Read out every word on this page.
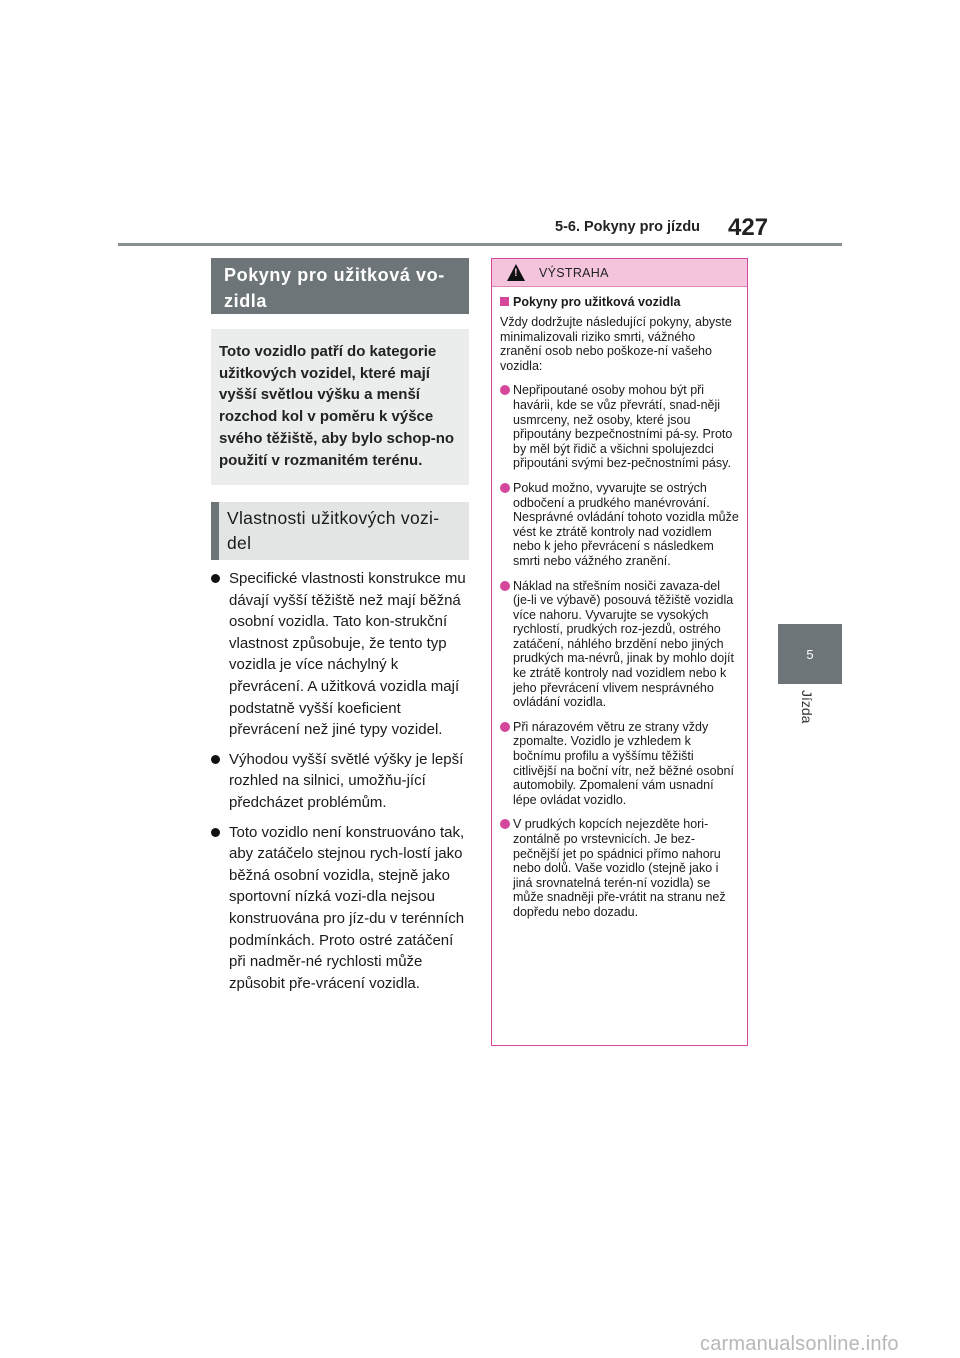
5-6. Pokyny pro jízdu 427
5
Jízda
Pokyny pro užitková vo-zidla
Toto vozidlo patří do kategorie užitkových vozidel, které mají vyšší světlou výšku a menší rozchod kol v poměru k výšce svého těžiště, aby bylo schop-no použití v rozmanitém terénu.
Vlastnosti užitkových vozi-del
Specifické vlastnosti konstrukce mu dávají vyšší těžiště než mají běžná osobní vozidla. Tato kon-strukční vlastnost způsobuje, že tento typ vozidla je více náchylný k převrácení. A užitková vozidla mají podstatně vyšší koeficient převrácení než jiné typy vozidel.
Výhodou vyšší světlé výšky je lepší rozhled na silnici, umožňu-jící předcházet problémům.
Toto vozidlo není konstruováno tak, aby zatáčelo stejnou rych-lostí jako běžná osobní vozidla, stejně jako sportovní nízká vozi-dla nejsou konstruována pro jíz-du v terénních podmínkách. Proto ostré zatáčení při nadměr-né rychlosti může způsobit pře-vrácení vozidla.
! VÝSTRAHA
Pokyny pro užitková vozidla
Vždy dodržujte následující pokyny, abyste minimalizovali riziko smrti, vážného zranění osob nebo poškoze-ní vašeho vozidla:
Nepřipoutané osoby mohou být při havárii, kde se vůz převrátí, snad-něji usmrceny, než osoby, které jsou připoutány bezpečnostními pá-sy. Proto by měl být řidič a všichni spolujezdci připoutáni svými bez-pečnostními pásy.
Pokud možno, vyvarujte se ostrých odbočení a prudkého manévrování. Nesprávné ovládání tohoto vozidla může vést ke ztrátě kontroly nad vozidlem nebo k jeho převrácení s následkem smrti nebo vážného zranění.
Náklad na střešním nosiči zavaza-del (je-li ve výbavě) posouvá těžiště vozidla více nahoru. Vyvarujte se vysokých rychlostí, prudkých roz-jezdů, ostrého zatáčení, náhlého brzdění nebo jiných prudkých ma-névrů, jinak by mohlo dojít ke ztrátě kontroly nad vozidlem nebo k jeho převrácení vlivem nesprávného ovládání vozidla.
Při nárazovém větru ze strany vždy zpomalte. Vozidlo je vzhledem k bočnímu profilu a vyššímu těžišti citlivější na boční vítr, než běžné osobní automobily. Zpomalení vám usnadní lépe ovládat vozidlo.
V prudkých kopcích nejezděte hori-zontálně po vrstevnicích. Je bez-pečnější jet po spádnici přímo nahoru nebo dolů. Vaše vozidlo (stejně jako i jiná srovnatelná terén-ní vozidla) se může snadněji pře-vrátit na stranu než dopředu nebo dozadu.
carmanualsonline.info
